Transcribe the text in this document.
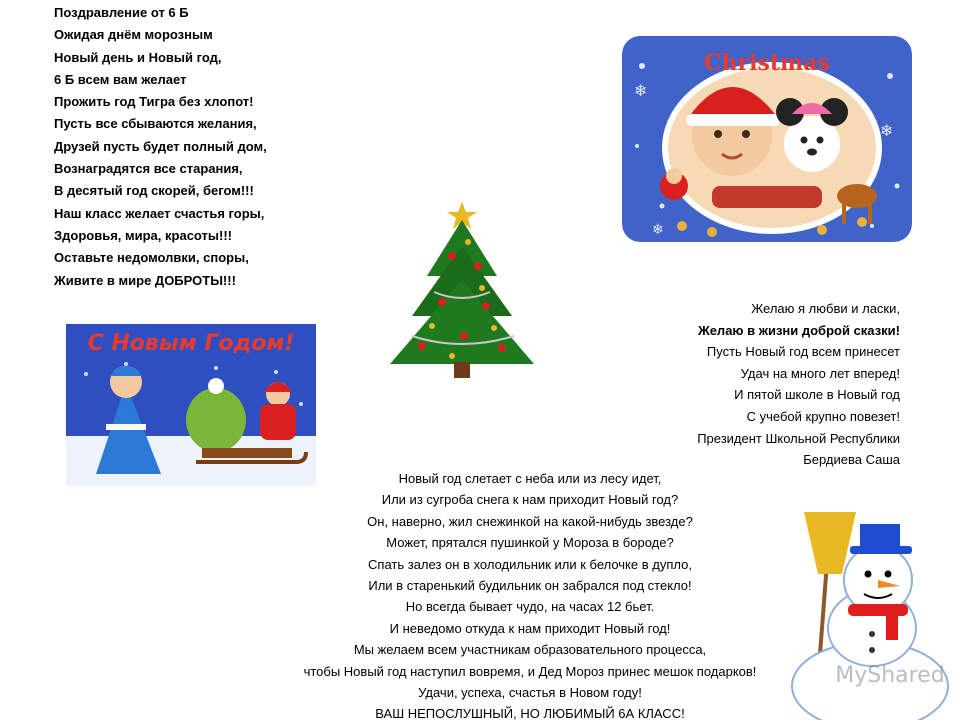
Поздравление от 6 Б
Ожидая днём морозным
Новый день и Новый год,
6 Б всем вам желает
Прожить год Тигра без хлопот!
Пусть все сбываются желания,
Друзей пусть будет полный дом,
Вознаградятся все старания,
В десятый год скорей, бегом!!!
Наш класс желает счастья горы,
Здоровья, мира, красоты!!!
Оставьте недомолвки, споры,
Живите в мире ДОБРОТЫ!!!
❄
❄
❄
Christmas
Желаю я любви и ласки,
Желаю в жизни доброй сказки!
Пусть Новый год всем принесет
Удач на много лет вперед!
И пятой школе в Новый год
С учебой крупно повезет!
Президент Школьной Республики
Бердиева Саша
С Новым Годом!
Новый год слетает с неба или из лесу идет,
Или из сугроба снега к нам приходит Новый год?
Он, наверно, жил снежинкой на какой-нибудь звезде?
Может, прятался пушинкой у Мороза в бороде?
Спать залез он в холодильник или к белочке в дупло,
Или в старенький будильник он забрался под стекло!
Но всегда бывает чудо, на часах 12 бьет.
И неведомо откуда к нам приходит Новый год!
Мы желаем всем участникам образовательного процесса,
чтобы Новый год наступил вовремя, и Дед Мороз принес мешок подарков!
Удачи, успеха, счастья в Новом году!
ВАШ НЕПОСЛУШНЫЙ, НО ЛЮБИМЫЙ 6А КЛАСС!
MyShared
